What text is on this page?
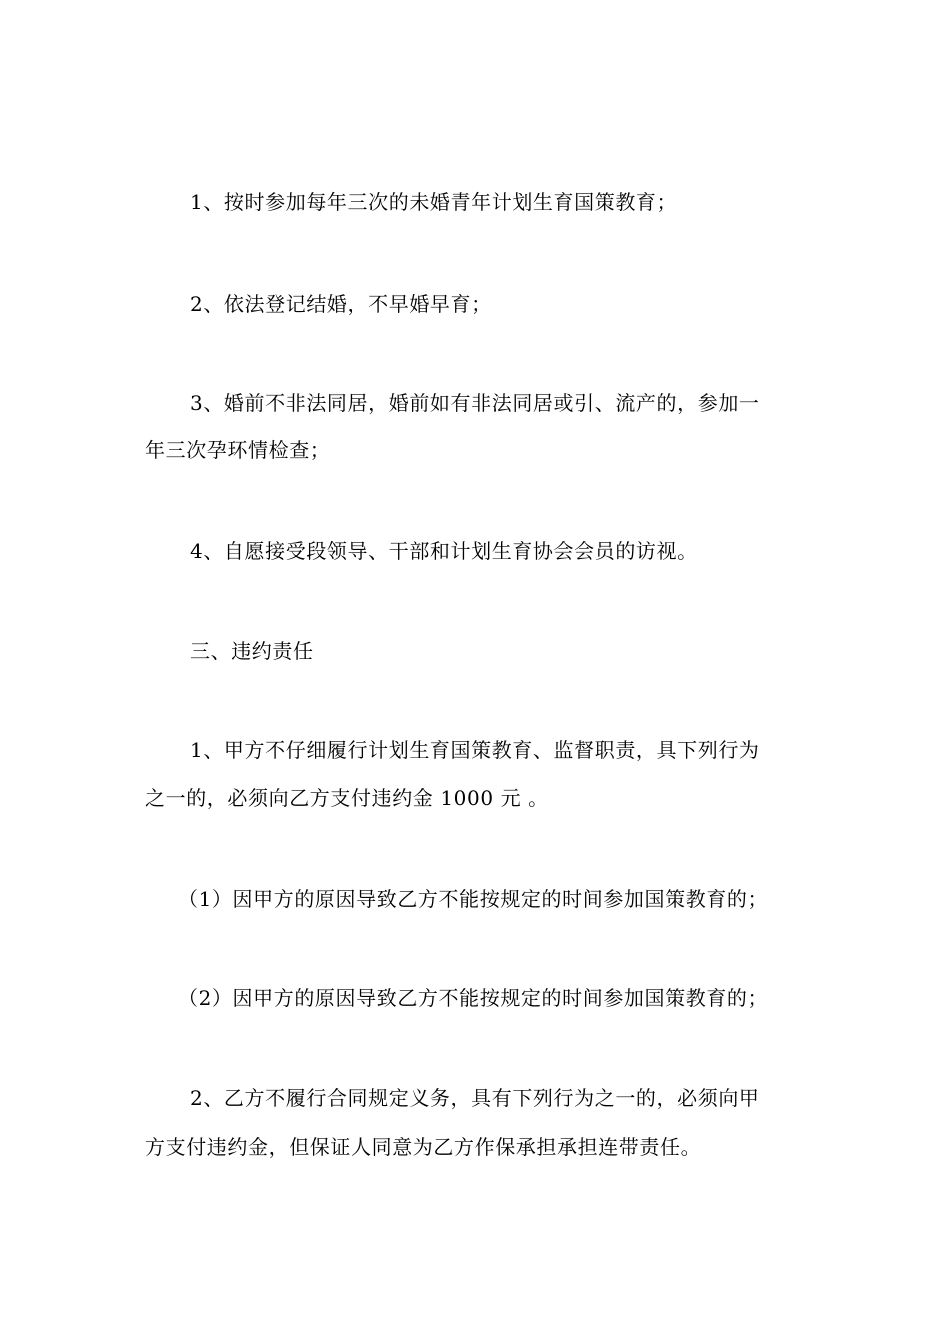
1、按时参加每年三次的未婚青年计划生育国策教育；
2、依法登记结婚，不早婚早育；
3、婚前不非法同居，婚前如有非法同居或引、流产的，参加一
年三次孕环情检查；
4、自愿接受段领导、干部和计划生育协会会员的访视。
三、违约责任
1、甲方不仔细履行计划生育国策教育、监督职责，具下列行为
之一的，必须向乙方支付违约金 1000 元 。
（1）因甲方的原因导致乙方不能按规定的时间参加国策教育的；
（2）因甲方的原因导致乙方不能按规定的时间参加国策教育的；
2、乙方不履行合同规定义务，具有下列行为之一的，必须向甲
方支付违约金，但保证人同意为乙方作保承担承担连带责任。
